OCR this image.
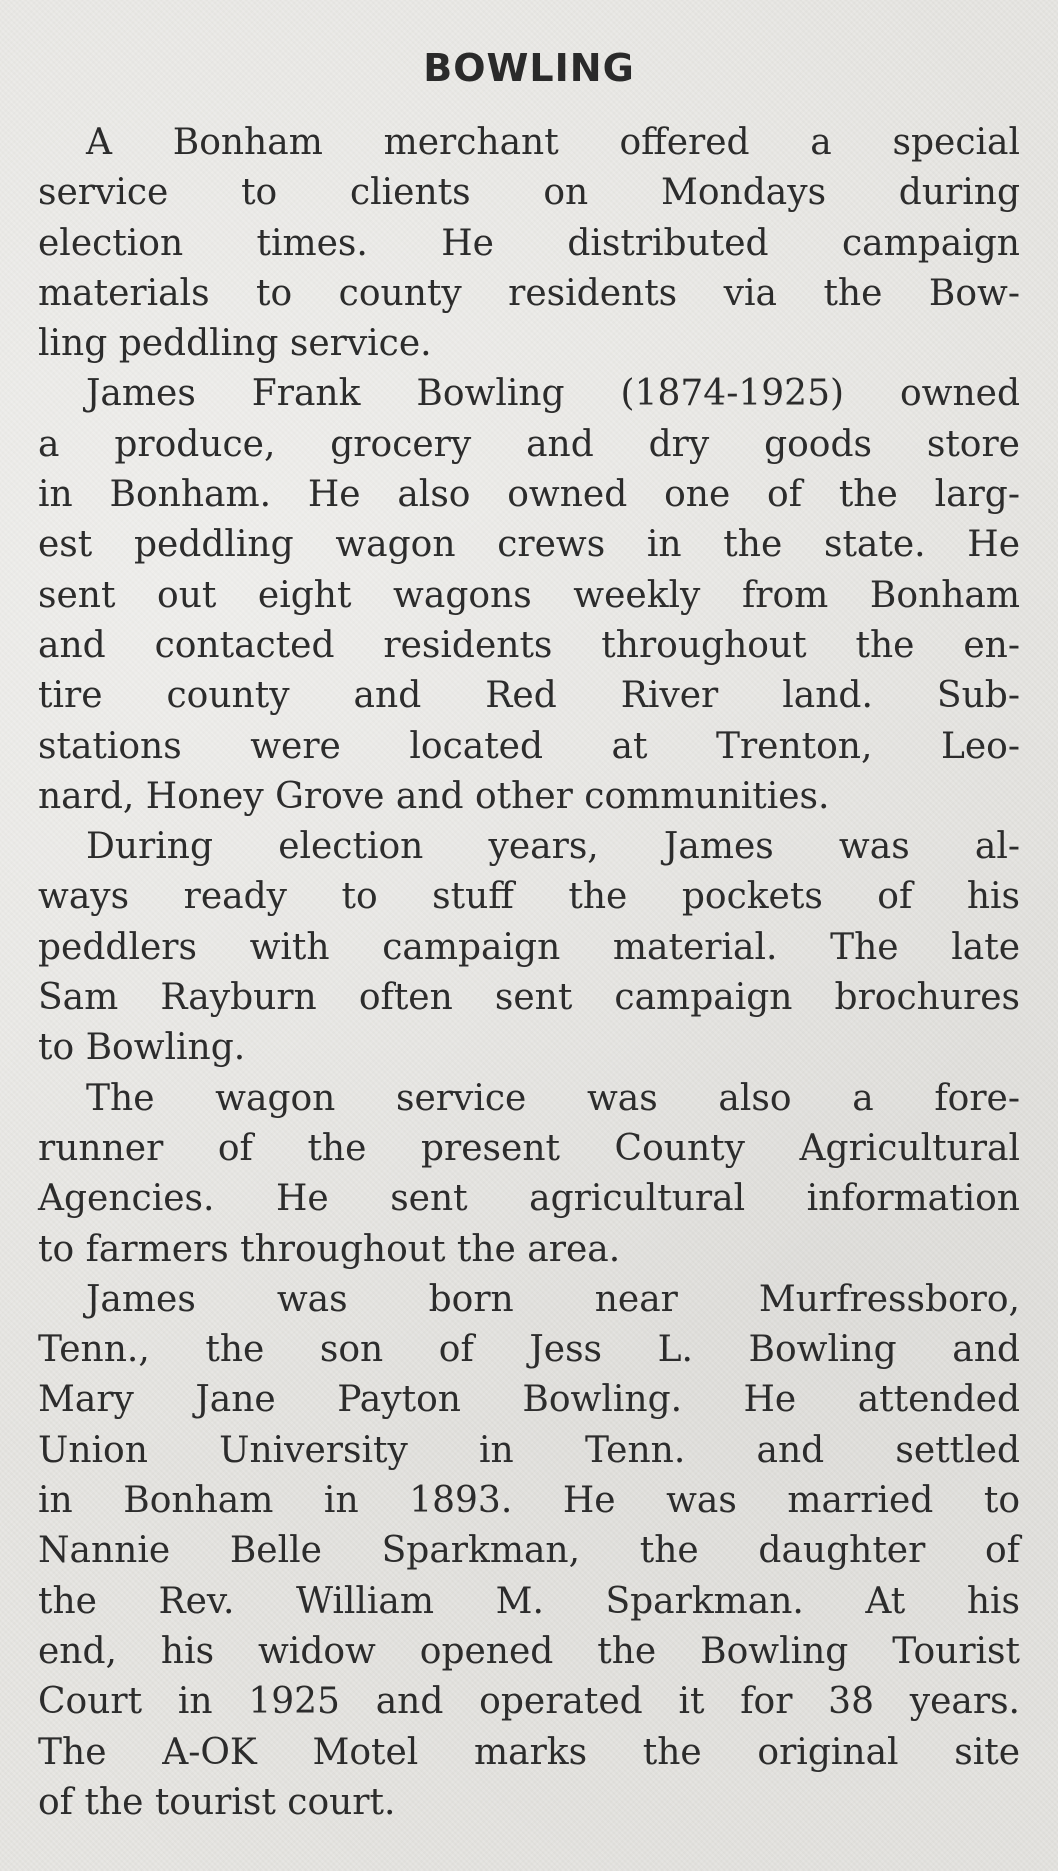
BOWLING

A Bonham merchant offered a special
service to clients on Mondays during
election times. He distributed campaign
materials to county residents via the Bow-
ling peddling service.

James Frank Bowling (1874-1925) owned
a produce, grocery and dry goods store
in Bonham. He also owned one of the larg-
est peddling wagon crews in the state. He
sent out eight wagons weekly from Bonham
and contacted residents throughout the en-
tire county and Red River land. Sub-
stations were located at Trenton, Leo-
nard, Honey Grove and other communities.

During election years, James was al-
ways ready to stuff the pockets of his
peddlers with campaign material. The late
Sam Rayburn often sent campaign brochures
to Bowling.

The wagon service was also a fore-
runner of the present County Agricultural
Agencies. He sent agricultural information
to farmers throughout the area.

James was born near Murfressboro,
Tenn., the son of Jess L. Bowling and
Mary Jane Payton Bowling. He attended
Union University in Tenn. and settled
in Bonham in 1893. He was married to
Nannie Belle Sparkman, the daughter of
the Rev. William M. Sparkman. At his
end, his widow opened the Bowling Tourist
Court in 1925 and operated it for 38 years.
The A-OK Motel marks the original site
of the tourist court.
